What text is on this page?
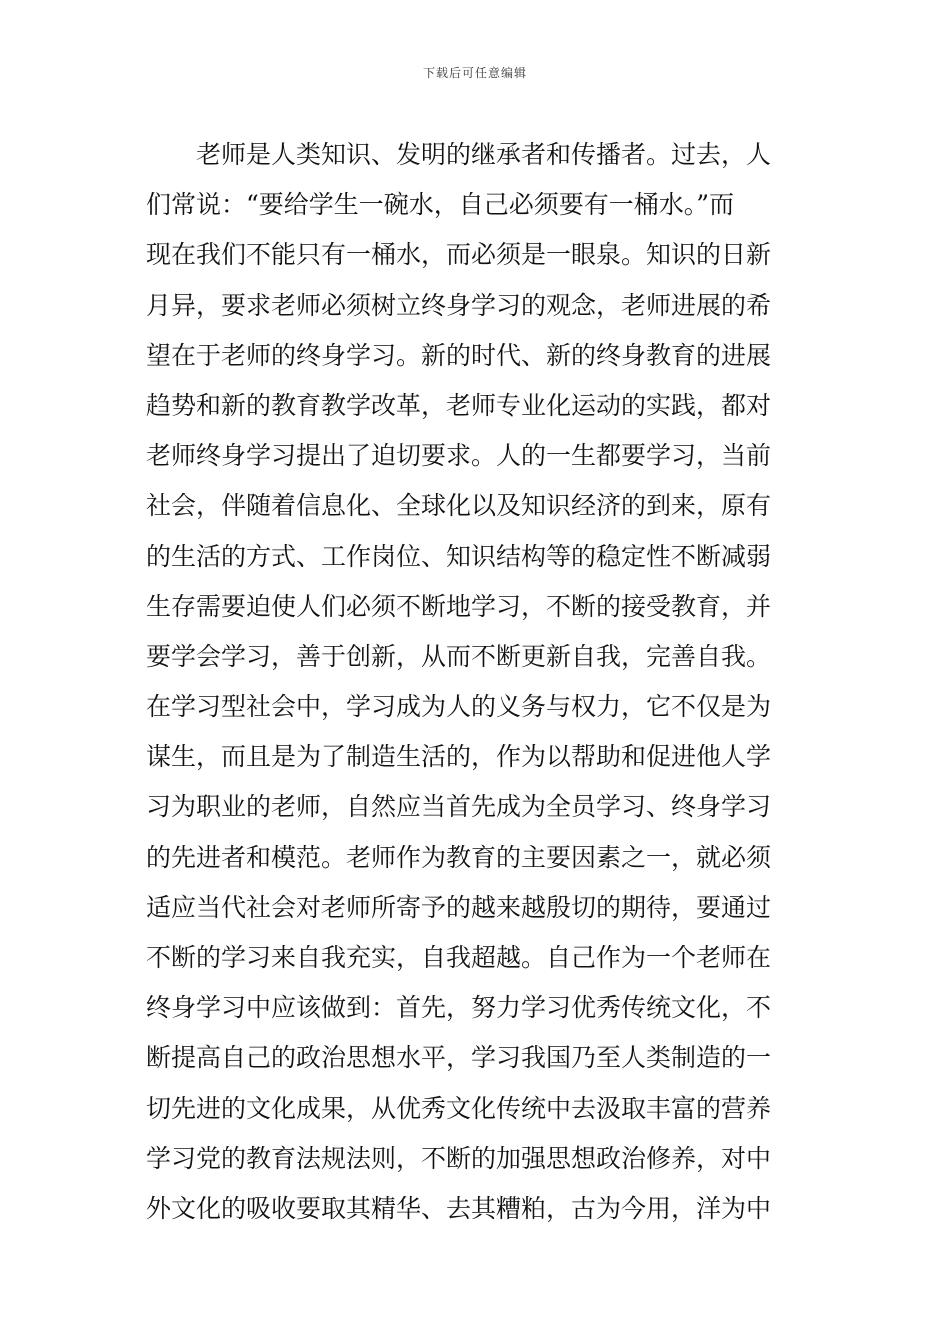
下载后可任意编辑
老师是人类知识、发明的继承者和传播者。过去，人
们常说：“要给学生一碗水，自己必须要有一桶水。”而
现在我们不能只有一桶水，而必须是一眼泉。知识的日新
月异，要求老师必须树立终身学习的观念，老师进展的希
望在于老师的终身学习。新的时代、新的终身教育的进展
趋势和新的教育教学改革，老师专业化运动的实践，都对
老师终身学习提出了迫切要求。人的一生都要学习，当前
社会，伴随着信息化、全球化以及知识经济的到来，原有
的生活的方式、工作岗位、知识结构等的稳定性不断减弱
生存需要迫使人们必须不断地学习，不断的接受教育，并
要学会学习，善于创新，从而不断更新自我，完善自我。
在学习型社会中，学习成为人的义务与权力，它不仅是为
谋生，而且是为了制造生活的，作为以帮助和促进他人学
习为职业的老师，自然应当首先成为全员学习、终身学习
的先进者和模范。老师作为教育的主要因素之一，就必须
适应当代社会对老师所寄予的越来越殷切的期待，要通过
不断的学习来自我充实，自我超越。自己作为一个老师在
终身学习中应该做到：首先，努力学习优秀传统文化，不
断提高自己的政治思想水平，学习我国乃至人类制造的一
切先进的文化成果，从优秀文化传统中去汲取丰富的营养
学习党的教育法规法则，不断的加强思想政治修养，对中
外文化的吸收要取其精华、去其糟粕，古为今用，洋为中
